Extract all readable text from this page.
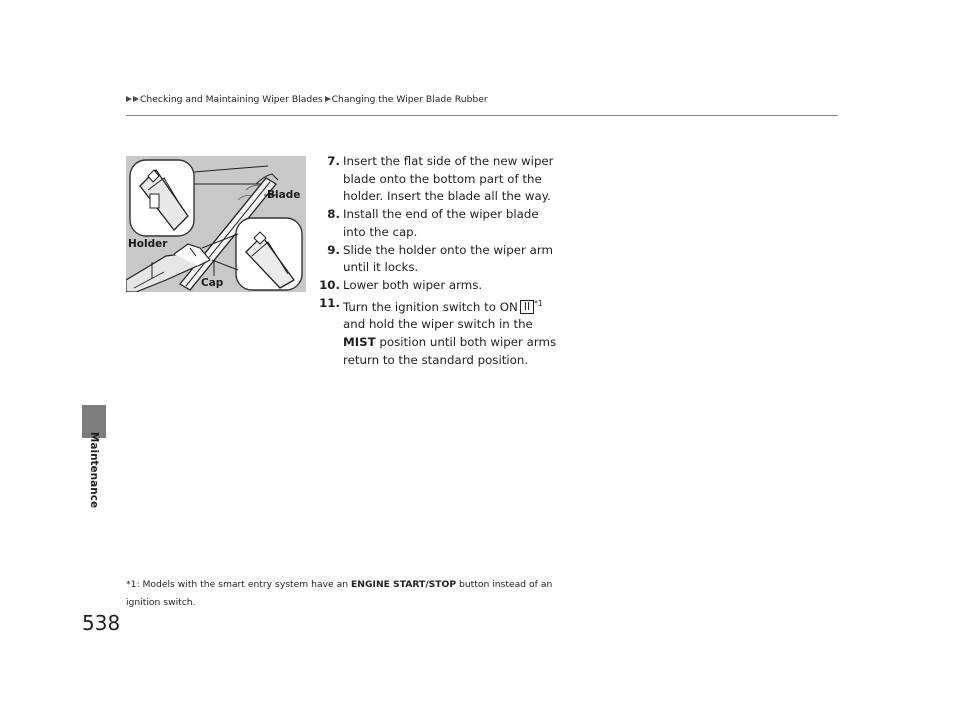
Checking and Maintaining Wiper Blades Changing the Wiper Blade Rubber
Maintenance
538
Blade
Holder
Cap
7. Insert the flat side of the new wiper blade onto the bottom part of the holder. Insert the blade all the way.
8. Install the end of the wiper blade into the cap.
9. Slide the holder onto the wiper arm until it locks.
10. Lower both wiper arms.
11. Turn the ignition switch to ON II $^{*1}$ and hold the wiper switch in the MIST position until both wiper arms return to the standard position.
*1: Models with the smart entry system have an ENGINE START/STOP button instead of an ignition switch.
